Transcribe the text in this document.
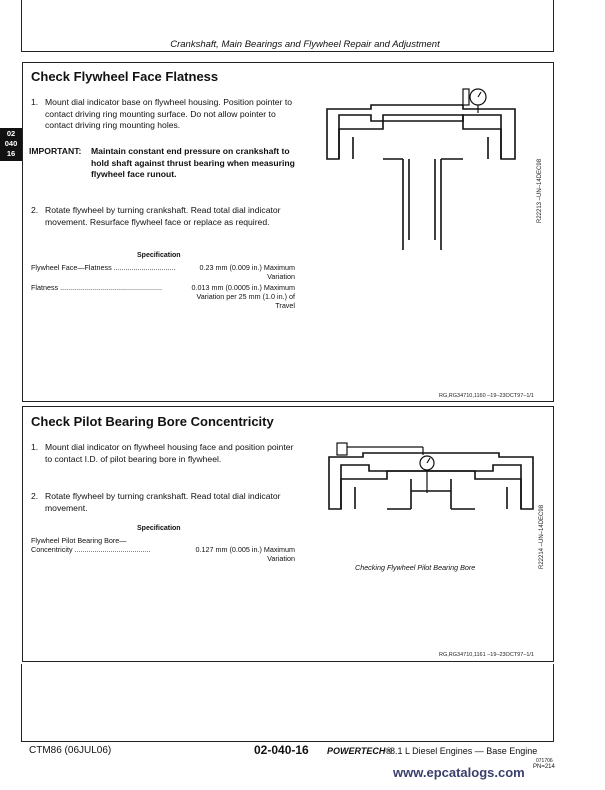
Crankshaft, Main Bearings and Flywheel Repair and Adjustment
02
040
16
Check Flywheel Face Flatness
1. Mount dial indicator base on flywheel housing. Position pointer to contact driving ring mounting surface. Do not allow pointer to contact driving ring mounting holes.
IMPORTANT: Maintain constant end pressure on crankshaft to hold shaft against thrust bearing when measuring flywheel face runout.
2. Rotate flywheel by turning crankshaft. Read total dial indicator movement. Resurface flywheel face or replace as required.
Specification
Flywheel Face—Flatness ...............................	0.23 mm (0.009 in.) Maximum
Variation
Flatness ...................................................	0.013 mm (0.0005 in.) Maximum
Variation per 25 mm (1.0 in.) of
Travel
R22213 –UN–14DEC98
RG,RG34710,1160 –19–23OCT97–1/1
Check Pilot Bearing Bore Concentricity
1. Mount dial indicator on flywheel housing face and position pointer to contact I.D. of pilot bearing bore in flywheel.
2. Rotate flywheel by turning crankshaft. Read total dial indicator movement.
Specification
Flywheel Pilot Bearing Bore—
Concentricity ......................................	0.127 mm (0.005 in.) Maximum
Variation
Checking Flywheel Pilot Bearing Bore	R22214 –UN–14DEC98
RG,RG34710,1161 –19–23OCT97–1/1
CTM86 (06JUL06)	02-040-16 POWERTECH®
8.1 L Diesel Engines — Base Engine
071706
PN=214
www.epcatalogs.com
